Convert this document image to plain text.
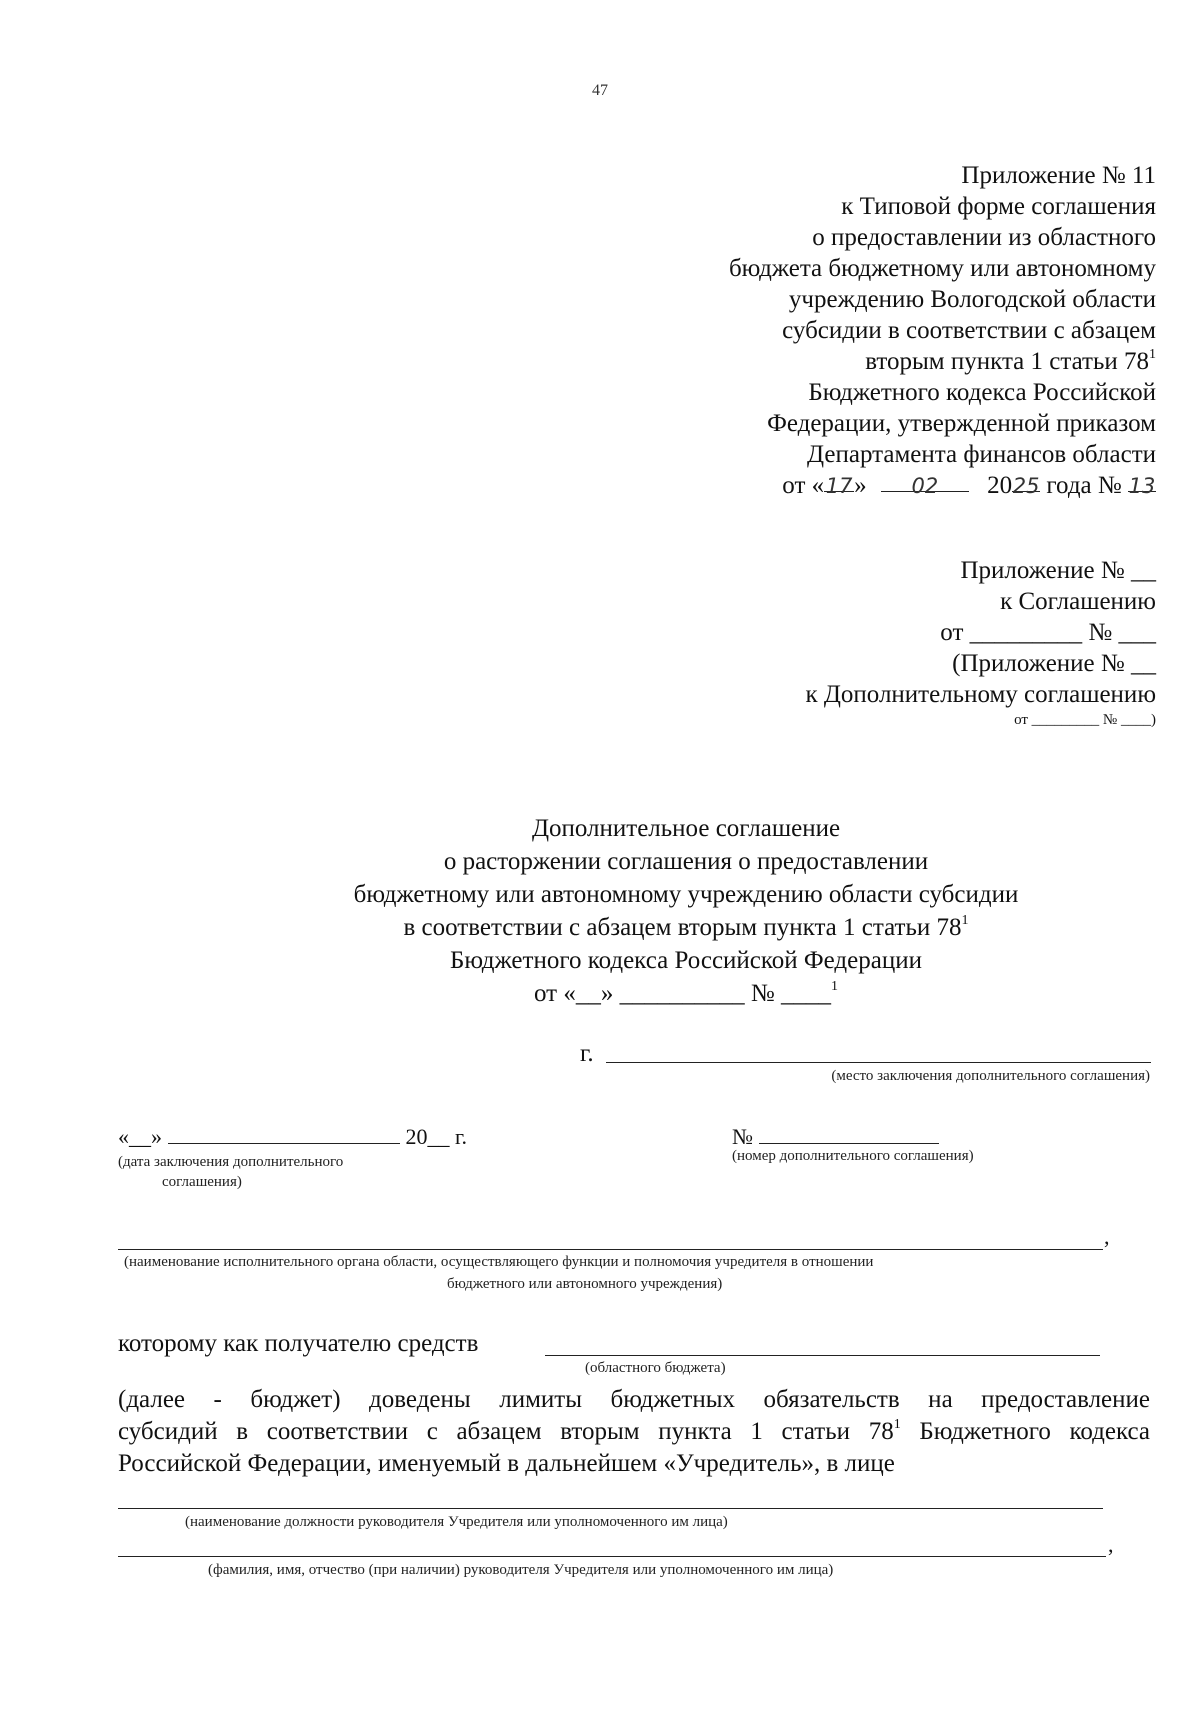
47
Приложение № 11
к Типовой форме соглашения
о предоставлении из областного
бюджета бюджетному или автономному
учреждению Вологодской области
субсидии в соответствии с абзацем
вторым пункта 1 статьи $78^1$
Бюджетного кодекса Российской
Федерации, утвержденной приказом
Департамента финансов области
от «17» 02 2025 года № 13
Приложение № __
к Соглашению
от _________ № ___
(Приложение № __
к Дополнительному соглашению
от _________ № ____)
Дополнительное соглашение
о расторжении соглашения о предоставлении
бюджетному или автономному учреждению области субсидии
в соответствии с абзацем вторым пункта 1 статьи $78^1$
Бюджетного кодекса Российской Федерации
от «__» __________ № ____$^1$
г.
(место заключения дополнительного соглашения)
«__»	20__ г.
(дата заключения дополнительного
соглашения)
№
(номер дополнительного соглашения)
,
(наименование исполнительного органа области, осуществляющего функции и полномочия учредителя в отношении
бюджетного или автономного учреждения)
которому как получателю средств
(областного бюджета)
(далее - бюджет) доведены лимиты бюджетных обязательств на предоставление
субсидий в соответствии с абзацем вторым пункта 1 статьи $78^1$ Бюджетного кодекса
Российской Федерации, именуемый в дальнейшем «Учредитель», в лице
(наименование должности руководителя Учредителя или уполномоченного им лица)
,
(фамилия, имя, отчество (при наличии) руководителя Учредителя или уполномоченного им лица)
